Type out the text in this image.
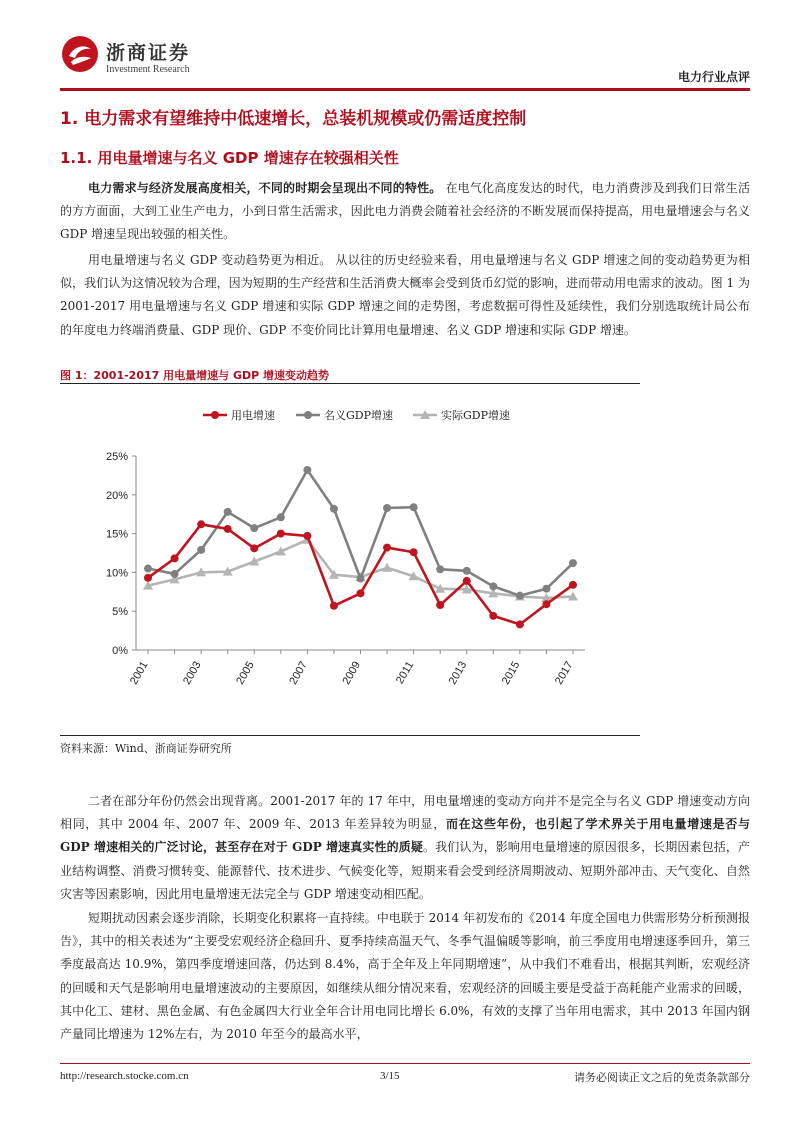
浙商证券
Investment Research
电力行业点评
1. 电力需求有望维持中低速增长，总装机规模或仍需适度控制
1.1. 用电量增速与名义 GDP 增速存在较强相关性

电力需求与经济发展高度相关，不同的时期会呈现出不同的特性。 在电气化高度发达的时代，电力消费涉及到我们日常生活的方方面面，大到工业生产电力，小到日常生活需求，因此电力消费会随着社会经济的不断发展而保持提高，用电量增速会与名义 GDP 增速呈现出较强的相关性。

用电量增速与名义 GDP 变动趋势更为相近。 从以往的历史经验来看，用电量增速与名义 GDP 增速之间的变动趋势更为相似，我们认为这情况较为合理，因为短期的生产经营和生活消费大概率会受到货币幻觉的影响，进而带动用电需求的波动。图 1 为 2001-2017 用电量增速与名义 GDP 增速和实际 GDP 增速之间的走势图，考虑数据可得性及延续性，我们分别选取统计局公布的年度电力终端消费量、GDP 现价、GDP 不变价同比计算用电量增速、名义 GDP 增速和实际 GDP 增速。

图 1：2001-2017 用电量增速与 GDP 增速变动趋势
0%
5%
10%
15%
20%
25%
2001	2003	2005	2007	2009	2011	2013	2015	2017
用电增速	名义GDP增速	实际GDP增速
资料来源：Wind、浙商证券研究所

二者在部分年份仍然会出现背离。2001-2017 年的 17 年中，用电量增速的变动方向并不是完全与名义 GDP 增速变动方向相同，其中 2004 年、2007 年、2009 年、2013 年差异较为明显，而在这些年份，也引起了学术界关于用电量增速是否与 GDP 增速相关的广泛讨论，甚至存在对于 GDP 增速真实性的质疑。我们认为，影响用电量增速的原因很多，长期因素包括，产业结构调整、消费习惯转变、能源替代、技术进步、气候变化等，短期来看会受到经济周期波动、短期外部冲击、天气变化、自然灾害等因素影响，因此用电量增速无法完全与 GDP 增速变动相匹配。

短期扰动因素会逐步消除，长期变化积累将一直持续。中电联于 2014 年初发布的《2014 年度全国电力供需形势分析预测报告》，其中的相关表述为“主要受宏观经济企稳回升、夏季持续高温天气、冬季气温偏暖等影响，前三季度用电增速逐季回升，第三季度最高达 10.9%，第四季度增速回落，仍达到 8.4%，高于全年及上年同期增速”，从中我们不难看出，根据其判断，宏观经济的回暖和天气是影响用电量增速波动的主要原因，如继续从细分情况来看，宏观经济的回暖主要是受益于高耗能产业需求的回暖，其中化工、建材、黑色金属、有色金属四大行业全年合计用电同比增长 6.0%，有效的支撑了当年用电需求，其中 2013 年国内钢产量同比增速为 12%左右，为 2010 年至今的最高水平，

http://research.stocke.com.cn	3/15	请务必阅读正文之后的免责条款部分
